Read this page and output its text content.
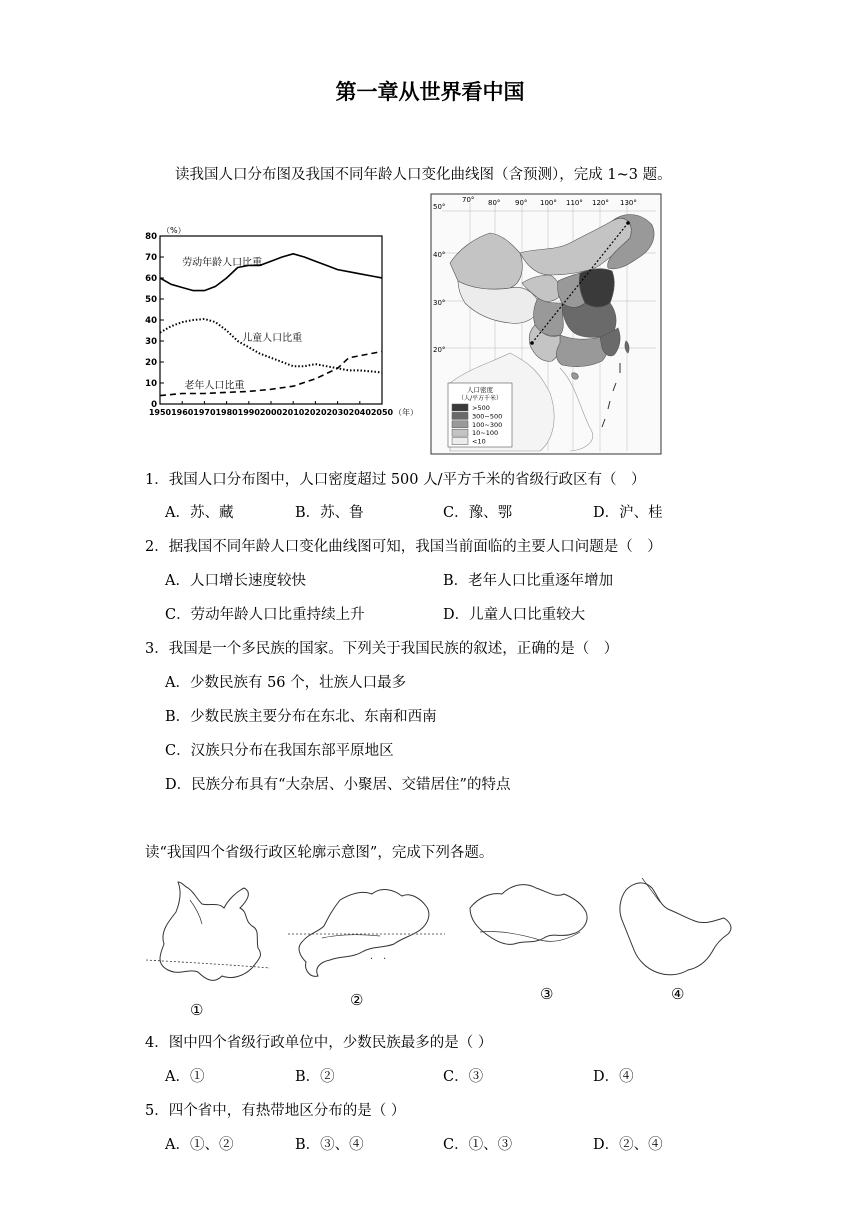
第一章从世界看中国
读我国人口分布图及我国不同年龄人口变化曲线图（含预测），完成 1~3 题。
0
10
20
30
40
50
60
70
80
1950 1960 1970 1980 1990 2000 2010 2020 2030 2040 2050
（%）
（年）
劳动年龄人口比重
儿童人口比重
老年人口比重
50°
40°
30°
20°
70° 80° 90° 100° 110° 120° 130°
人口密度
（人/平方千米）
>500
300~500
100~300
10~100
<10
1．我国人口分布图中，人口密度超过 500 人/平方千米的省级行政区有（　）
A．苏、藏	B．苏、鲁	C．豫、鄂	D．沪、桂
2．据我国不同年龄人口变化曲线图可知，我国当前面临的主要人口问题是（　）
A．人口增长速度较快	B．老年人口比重逐年增加
C．劳动年龄人口比重持续上升	D．儿童人口比重较大
3．我国是一个多民族的国家。下列关于我国民族的叙述，正确的是（　）
A．少数民族有 56 个，壮族人口最多
B．少数民族主要分布在东北、东南和西南
C．汉族只分布在我国东部平原地区
D．民族分布具有“大杂居、小聚居、交错居住”的特点
读“我国四个省级行政区轮廓示意图”，完成下列各题。
·　·
①
②	③	④
4．图中四个省级行政单位中，少数民族最多的是（ ）
A．①	B．②	C．③	D．④
5．四个省中，有热带地区分布的是（ ）
A．①、②	B．③、④	C．①、③	D．②、④
